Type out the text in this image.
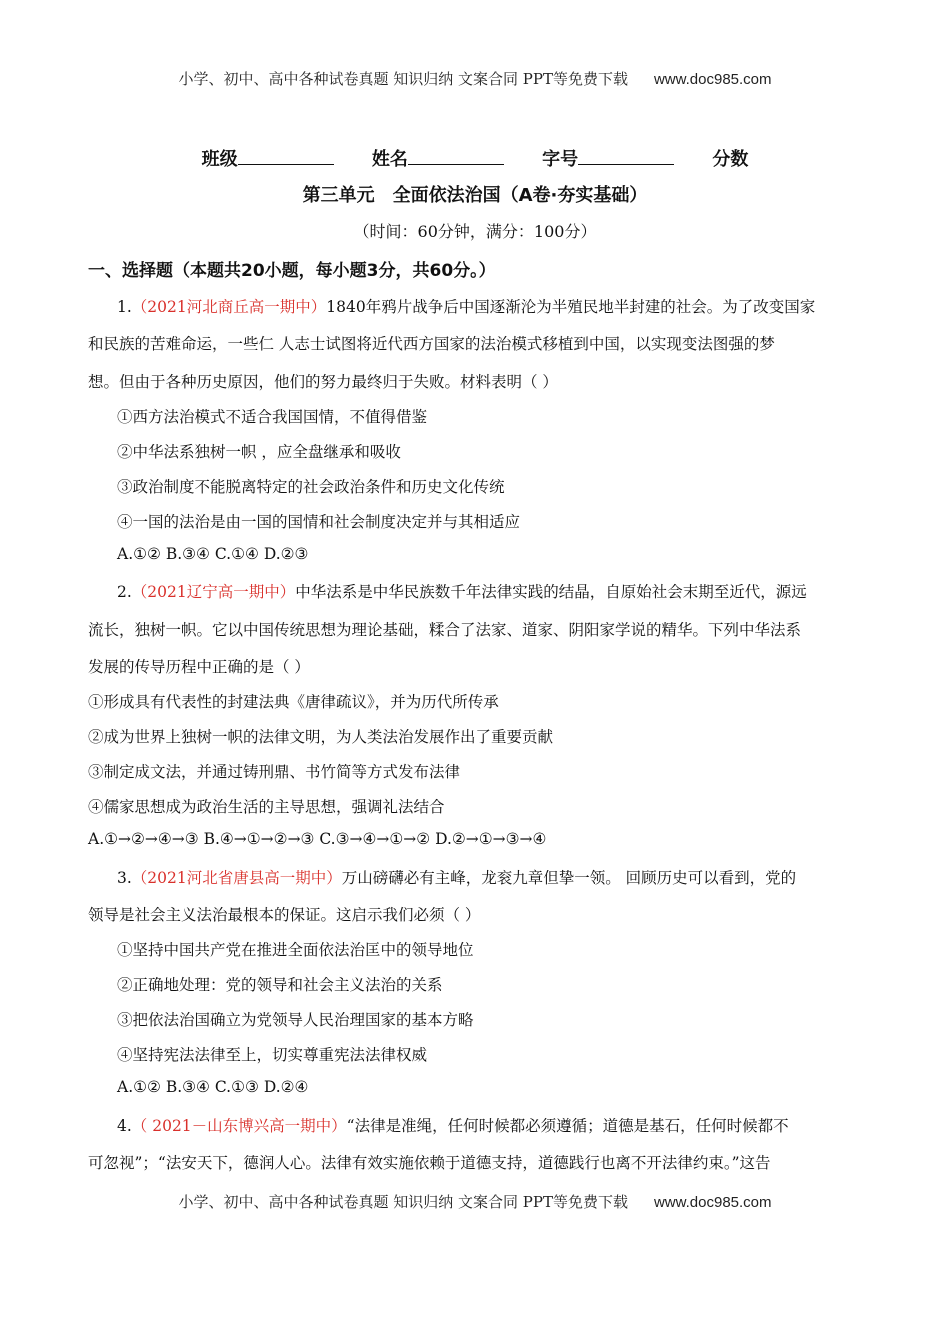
小学、初中、高中各种试卷真题 知识归纳 文案合同 PPT等免费下载 www.doc985.com
班级	姓名	字号	分数
第三单元　全面依法治国（A卷·夯实基础）
（时间：60分钟，满分：100分）
一、选择题（本题共20小题，每小题3分，共60分。）
1.（2021河北商丘高一期中）1840年鸦片战争后中国逐渐沦为半殖民地半封建的社会。为了改变国家
和民族的苦难命运，一些仁 人志士试图将近代西方国家的法治模式移植到中国，以实现变法图强的梦
想。但由于各种历史原因，他们的努力最终归于失败。材料表明（ ）
①西方法治模式不适合我国国情，不值得借鉴
②中华法系独树一帜 ，应全盘继承和吸收
③政治制度不能脱离特定的社会政治条件和历史文化传统
④一国的法治是由一国的国情和社会制度决定并与其相适应
A.①② B.③④ C.①④ D.②③
2.（2021辽宁高一期中）中华法系是中华民族数千年法律实践的结晶，自原始社会末期至近代，源远
流长，独树一帜。它以中国传统思想为理论基础，糅合了法家、道家、阴阳家学说的精华。下列中华法系
发展的传导历程中正确的是（ ）
①形成具有代表性的封建法典《唐律疏议》，并为历代所传承
②成为世界上独树一帜的法律文明，为人类法治发展作出了重要贡献
③制定成文法，并通过铸刑鼎、书竹简等方式发布法律
④儒家思想成为政治生活的主导思想，强调礼法结合
A.①→②→④→③ B.④→①→②→③ C.③→④→①→② D.②→①→③→④
3.（2021河北省唐县高一期中）万山磅礴必有主峰，龙衮九章但挚一领。 回顾历史可以看到，党的
领导是社会主义法治最根本的保证。这启示我们必须（ ）
①坚持中国共产党在推进全面依法治匡中的领导地位
②正确地处理：党的领导和社会主义法治的关系
③把依法治国确立为党领导人民治理国家的基本方略
④坚持宪法法律至上，切实尊重宪法法律权威
A.①② B.③④ C.①③ D.②④
4.（ 2021－山东博兴高一期中）“法律是准绳，任何时候都必须遵循；道德是基石，任何时候都不
可忽视”；“法安天下，德润人心。法律有效实施依赖于道德支持，道德践行也离不开法律约束。”这告
小学、初中、高中各种试卷真题 知识归纳 文案合同 PPT等免费下载 www.doc985.com
